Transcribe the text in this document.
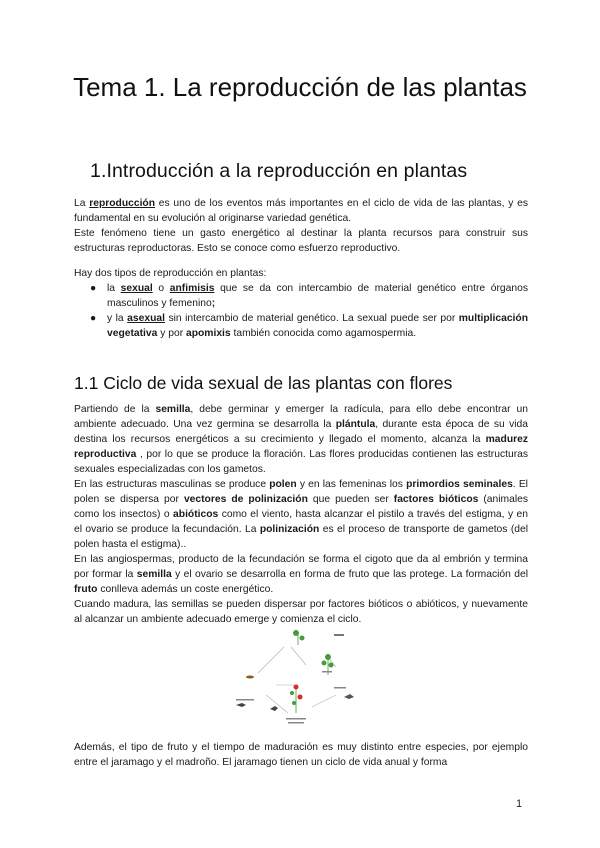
Tema 1. La reproducción de las plantas
1.Introducción a la reproducción en plantas

La reproducción es uno de los eventos más importantes en el ciclo de vida de las plantas, y es fundamental en su evolución al originarse variedad genética.

Este fenómeno tiene un gasto energético al destinar la planta recursos para construir sus estructuras reproductoras. Esto se conoce como esfuerzo reproductivo.

Hay dos tipos de reproducción en plantas:

● la sexual o anfimisis que se da con intercambio de material genético entre órganos masculinos y femenino;
● y la asexual sin intercambio de material genético. La sexual puede ser por multiplicación vegetativa y por apomixis también conocida como agamospermia.
1.1 Ciclo de vida sexual de las plantas con flores

Partiendo de la semilla, debe germinar y emerger la radícula, para ello debe encontrar un ambiente adecuado. Una vez germina se desarrolla la plántula, durante esta época de su vida destina los recursos energéticos a su crecimiento y llegado el momento, alcanza la madurez reproductiva , por lo que se produce la floración. Las flores producidas contienen las estructuras sexuales especializadas con los gametos.

En las estructuras masculinas se produce polen y en las femeninas los primordios seminales. El polen se dispersa por vectores de polinización que pueden ser factores bióticos (animales como los insectos) o abióticos como el viento, hasta alcanzar el pistilo a través del estigma, y en el ovario se produce la fecundación. La polinización es el proceso de transporte de gametos (del polen hasta el estigma)..

En las angiospermas, producto de la fecundación se forma el cigoto que da al embrión y termina por formar la semilla y el ovario se desarrolla en forma de fruto que las protege. La formación del fruto conlleva además un coste energético.

Cuando madura, las semillas se pueden dispersar por factores bióticos o abióticos, y nuevamente al alcanzar un ambiente adecuado emerge y comienza el ciclo.

Además, el tipo de fruto y el tiempo de maduración es muy distinto entre especies, por ejemplo entre el jaramago y el madroño. El jaramago tienen un ciclo de vida anual y forma

1
